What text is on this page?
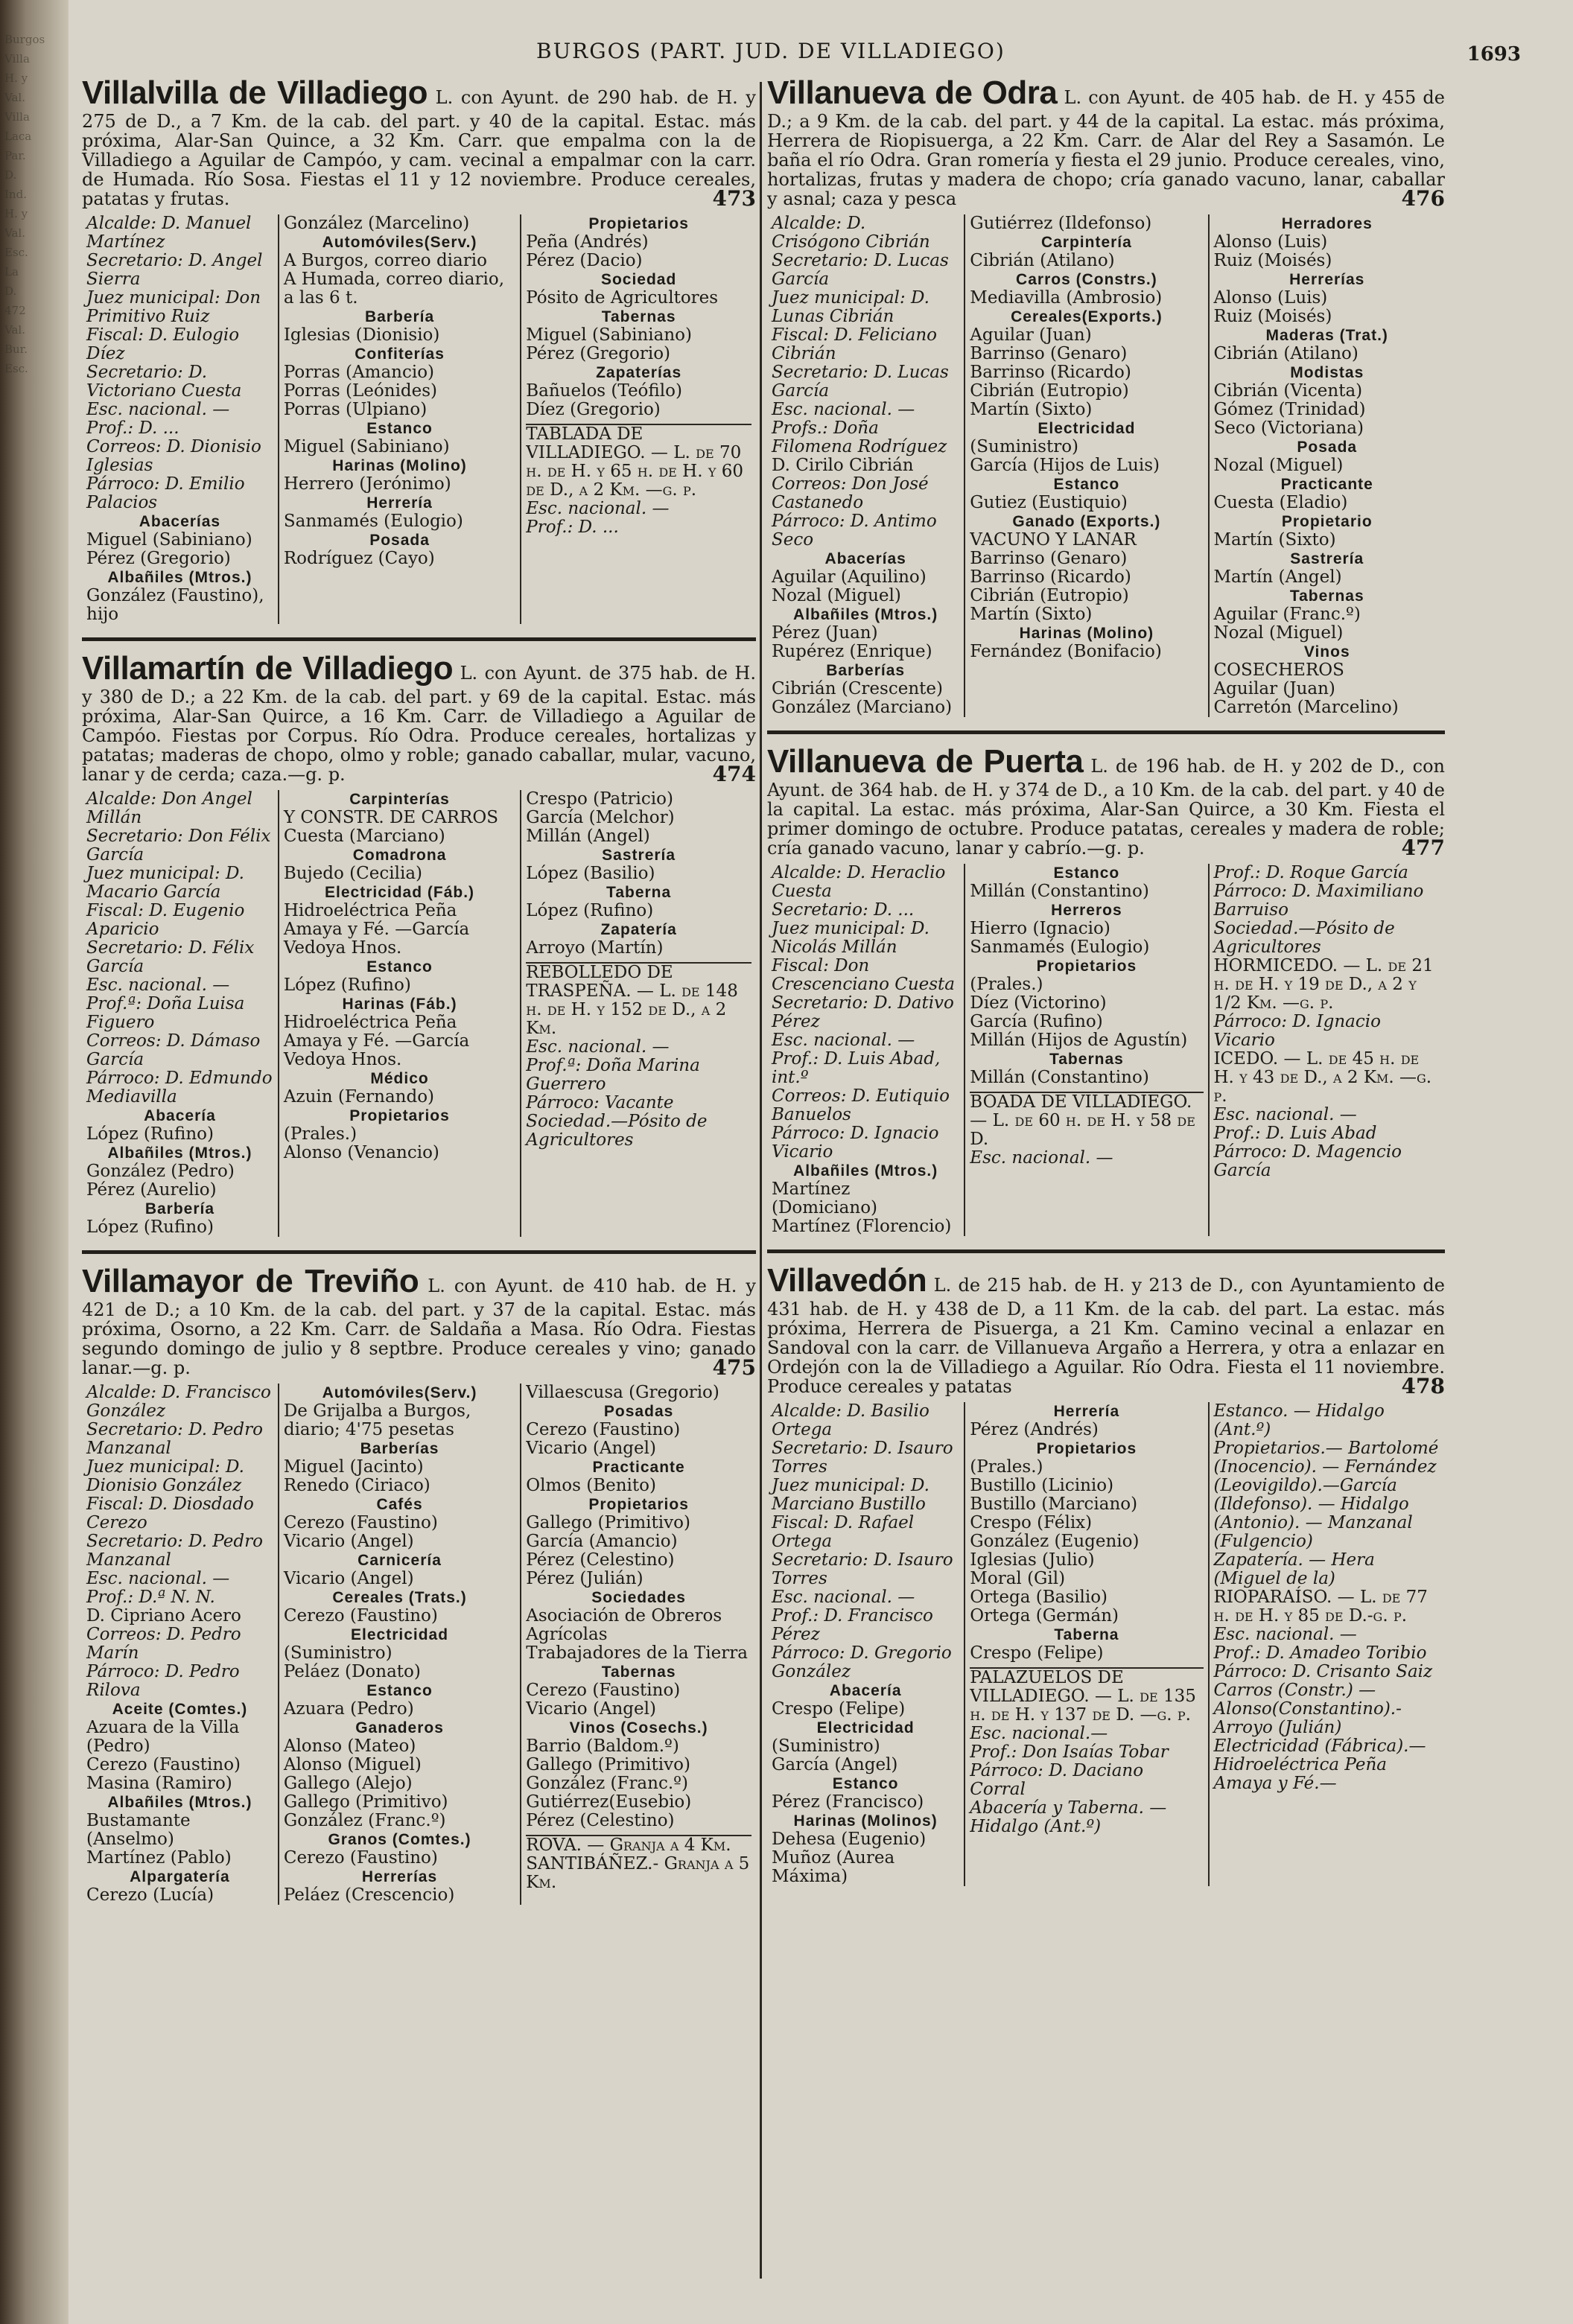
Burgos
Villa
H. y
Val.
Villa
Laca
Par.
D.
Ind.
H. y
Val.
Esc.
La
D.
472
Val.
Bur.
Esc.
BURGOS (PART. JUD. DE VILLADIEGO)	1693
Villalvilla de Villadiego L. con Ayunt. de 290 hab. de H. y 275 de D., a 7 Km. de la cab. del part. y 40 de la capital. Estac. más próxima, Alar-San Quince, a 32 Km. Carr. que empalma con la de Villadiego a Aguilar de Campóo, y cam. vecinal a empalmar con la carr. de Humada. Río Sosa. Fiestas el 11 y 12 noviembre. Produce cereales, patatas y frutas.	473
Alcalde: D. Manuel Martínez
Secretario: D. Angel Sierra
Juez municipal: Don Primitivo Ruiz
Fiscal: D. Eulogio Díez
Secretario: D. Victoriano Cuesta
Esc. nacional. —
Prof.: D. ...
Correos: D. Dionisio Iglesias
Párroco: D. Emilio Palacios
Abacerías
Miguel (Sabiniano)
Pérez (Gregorio)
Albañiles (Mtros.)
González (Faustino), hijo
González (Marcelino)
Automóviles(Serv.)
A Burgos, correo diario
A Humada, correo diario, a las 6 t.
Barbería
Iglesias (Dionisio)
Confiterías
Porras (Amancio)
Porras (Leónides)
Porras (Ulpiano)
Estanco
Miguel (Sabiniano)
Harinas (Molino)
Herrero (Jerónimo)
Herrería
Sanmamés (Eulogio)
Posada
Rodríguez (Cayo)
Propietarios
Peña (Andrés)
Pérez (Dacio)
Sociedad
Pósito de Agricultores
Tabernas
Miguel (Sabiniano)
Pérez (Gregorio)
Zapaterías
Bañuelos (Teófilo)
Díez (Gregorio)
TABLADA DE VILLADIEGO. — L. de 70 h. de H. y 65 h. de H. y 60 de D., a 2 Km. —g. p.
Esc. nacional. —
Prof.: D. ...
Villamartín de Villadiego L. con Ayunt. de 375 hab. de H. y 380 de D.; a 22 Km. de la cab. del part. y 69 de la capital. Estac. más próxima, Alar-San Quirce, a 16 Km. Carr. de Villadiego a Aguilar de Campóo. Fiestas por Corpus. Río Odra. Produce cereales, hortalizas y patatas; maderas de chopo, olmo y roble; ganado caballar, mular, vacuno, lanar y de cerda; caza.—g. p.	474
Alcalde: Don Angel Millán
Secretario: Don Félix García
Juez municipal: D. Macario García
Fiscal: D. Eugenio Aparicio
Secretario: D. Félix García
Esc. nacional. —
Prof.ª: Doña Luisa Figuero
Correos: D. Dámaso García
Párroco: D. Edmundo Mediavilla
Abacería
López (Rufino)
Albañiles (Mtros.)
González (Pedro)
Pérez (Aurelio)
Barbería
López (Rufino)
Carpinterías
Y CONSTR. DE CARROS
Cuesta (Marciano)
Comadrona
Bujedo (Cecilia)
Electricidad (Fáb.)
Hidroeléctrica Peña Amaya y Fé. —García Vedoya Hnos.
Estanco
López (Rufino)
Harinas (Fáb.)
Hidroeléctrica Peña Amaya y Fé. —García Vedoya Hnos.
Médico
Azuin (Fernando)
Propietarios
(Prales.)
Alonso (Venancio)
Crespo (Patricio)
García (Melchor)
Millán (Angel)
Sastrería
López (Basilio)
Taberna
López (Rufino)
Zapatería
Arroyo (Martín)
REBOLLEDO DE TRASPEÑA. — L. de 148 h. de H. y 152 de D., a 2 Km.
Esc. nacional. —
Prof.ª: Doña Marina Guerrero
Párroco: Vacante
Sociedad.—Pósito de Agricultores
Villamayor de Treviño L. con Ayunt. de 410 hab. de H. y 421 de D.; a 10 Km. de la cab. del part. y 37 de la capital. Estac. más próxima, Osorno, a 22 Km. Carr. de Saldaña a Masa. Río Odra. Fiestas segundo domingo de julio y 8 septbre. Produce cereales y vino; ganado lanar.—g. p.	475
Alcalde: D. Francisco González
Secretario: D. Pedro Manzanal
Juez municipal: D. Dionisio González
Fiscal: D. Diosdado Cerezo
Secretario: D. Pedro Manzanal
Esc. nacional. —
Prof.: D.ª N. N.
D. Cipriano Acero
Correos: D. Pedro Marín
Párroco: D. Pedro Rilova
Aceite (Comtes.)
Azuara de la Villa (Pedro)
Cerezo (Faustino)
Masina (Ramiro)
Albañiles (Mtros.)
Bustamante (Anselmo)
Martínez (Pablo)
Alpargatería
Cerezo (Lucía)
Automóviles(Serv.)
De Grijalba a Burgos, diario; 4'75 pesetas
Barberías
Miguel (Jacinto)
Renedo (Ciriaco)
Cafés
Cerezo (Faustino)
Vicario (Angel)
Carnicería
Vicario (Angel)
Cereales (Trats.)
Cerezo (Faustino)
Electricidad
(Suministro)
Peláez (Donato)
Estanco
Azuara (Pedro)
Ganaderos
Alonso (Mateo)
Alonso (Miguel)
Gallego (Alejo)
Gallego (Primitivo)
González (Franc.º)
Granos (Comtes.)
Cerezo (Faustino)
Herrerías
Peláez (Crescencio)
Villaescusa (Gregorio)
Posadas
Cerezo (Faustino)
Vicario (Angel)
Practicante
Olmos (Benito)
Propietarios
Gallego (Primitivo)
García (Amancio)
Pérez (Celestino)
Pérez (Julián)
Sociedades
Asociación de Obreros Agrícolas
Trabajadores de la Tierra
Tabernas
Cerezo (Faustino)
Vicario (Angel)
Vinos (Cosechs.)
Barrio (Baldom.º)
Gallego (Primitivo)
González (Franc.º)
Gutiérrez(Eusebio)
Pérez (Celestino)
ROVA. — Granja a 4 Km.
SANTIBÁÑEZ.- Granja a 5 Km.
Villanueva de Odra L. con Ayunt. de 405 hab. de H. y 455 de D.; a 9 Km. de la cab. del part. y 44 de la capital. La estac. más próxima, Herrera de Riopisuerga, a 22 Km. Carr. de Alar del Rey a Sasamón. Le baña el río Odra. Gran romería y fiesta el 29 junio. Produce cereales, vino, hortalizas, frutas y madera de chopo; cría ganado vacuno, lanar, caballar y asnal; caza y pesca	476
Alcalde: D. Crisógono Cibrián
Secretario: D. Lucas García
Juez municipal: D. Lunas Cibrián
Fiscal: D. Feliciano Cibrián
Secretario: D. Lucas García
Esc. nacional. —
Profs.: Doña Filomena Rodríguez
D. Cirilo Cibrián
Correos: Don José Castanedo
Párroco: D. Antimo Seco
Abacerías
Aguilar (Aquilino)
Nozal (Miguel)
Albañiles (Mtros.)
Pérez (Juan)
Rupérez (Enrique)
Barberías
Cibrián (Crescente)
González (Marciano)
Gutiérrez (Ildefonso)
Carpintería
Cibrián (Atilano)
Carros (Constrs.)
Mediavilla (Ambrosio)
Cereales(Exports.)
Aguilar (Juan)
Barrinso (Genaro)
Barrinso (Ricardo)
Cibrián (Eutropio)
Martín (Sixto)
Electricidad
(Suministro)
García (Hijos de Luis)
Estanco
Gutiez (Eustiquio)
Ganado (Exports.)
VACUNO Y LANAR
Barrinso (Genaro)
Barrinso (Ricardo)
Cibrián (Eutropio)
Martín (Sixto)
Harinas (Molino)
Fernández (Bonifacio)
Herradores
Alonso (Luis)
Ruiz (Moisés)
Herrerías
Alonso (Luis)
Ruiz (Moisés)
Maderas (Trat.)
Cibrián (Atilano)
Modistas
Cibrián (Vicenta)
Gómez (Trinidad)
Seco (Victoriana)
Posada
Nozal (Miguel)
Practicante
Cuesta (Eladio)
Propietario
Martín (Sixto)
Sastrería
Martín (Angel)
Tabernas
Aguilar (Franc.º)
Nozal (Miguel)
Vinos
COSECHEROS
Aguilar (Juan)
Carretón (Marcelino)
Villanueva de Puerta L. de 196 hab. de H. y 202 de D., con Ayunt. de 364 hab. de H. y 374 de D., a 10 Km. de la cab. del part. y 40 de la capital. La estac. más próxima, Alar-San Quirce, a 30 Km. Fiesta el primer domingo de octubre. Produce patatas, cereales y madera de roble; cría ganado vacuno, lanar y cabrío.—g. p.	477
Alcalde: D. Heraclio Cuesta
Secretario: D. ...
Juez municipal: D. Nicolás Millán
Fiscal: Don Crescenciano Cuesta
Secretario: D. Dativo Pérez
Esc. nacional. —
Prof.: D. Luis Abad, int.º
Correos: D. Eutiquio Banuelos
Párroco: D. Ignacio Vicario
Albañiles (Mtros.)
Martínez (Domiciano)
Martínez (Florencio)
Estanco
Millán (Constantino)
Herreros
Hierro (Ignacio)
Sanmamés (Eulogio)
Propietarios
(Prales.)
Díez (Victorino)
García (Rufino)
Millán (Hijos de Agustín)
Tabernas
Millán (Constantino)
BOADA DE VILLADIEGO. — L. de 60 h. de H. y 58 de D.
Esc. nacional. —
Prof.: D. Roque García
Párroco: D. Maximiliano Barruiso
Sociedad.—Pósito de Agricultores
HORMICEDO. — L. de 21 h. de H. y 19 de D., a 2 y 1/2 Km. —g. p.
Párroco: D. Ignacio Vicario
ICEDO. — L. de 45 h. de H. y 43 de D., a 2 Km. —g. p.
Esc. nacional. —
Prof.: D. Luis Abad
Párroco: D. Magencio García
Villavedón L. de 215 hab. de H. y 213 de D., con Ayuntamiento de 431 hab. de H. y 438 de D, a 11 Km. de la cab. del part. La estac. más próxima, Herrera de Pisuerga, a 21 Km. Camino vecinal a enlazar en Sandoval con la carr. de Villanueva Argaño a Herrera, y otra a enlazar en Ordejón con la de Villadiego a Aguilar. Río Odra. Fiesta el 11 noviembre. Produce cereales y patatas	478
Alcalde: D. Basilio Ortega
Secretario: D. Isauro Torres
Juez municipal: D. Marciano Bustillo
Fiscal: D. Rafael Ortega
Secretario: D. Isauro Torres
Esc. nacional. —
Prof.: D. Francisco Pérez
Párroco: D. Gregorio González
Abacería
Crespo (Felipe)
Electricidad
(Suministro)
García (Angel)
Estanco
Pérez (Francisco)
Harinas (Molinos)
Dehesa (Eugenio)
Muñoz (Aurea Máxima)
Herrería
Pérez (Andrés)
Propietarios
(Prales.)
Bustillo (Licinio)
Bustillo (Marciano)
Crespo (Félix)
González (Eugenio)
Iglesias (Julio)
Moral (Gil)
Ortega (Basilio)
Ortega (Germán)
Taberna
Crespo (Felipe)
PALAZUELOS DE VILLADIEGO. — L. de 135 h. de H. y 137 de D. —g. p.
Esc. nacional.—
Prof.: Don Isaías Tobar
Párroco: D. Daciano Corral
Abacería y Taberna. — Hidalgo (Ant.º)
Estanco. — Hidalgo (Ant.º)
Propietarios.— Bartolomé (Inocencio). — Fernández (Leovigildo).—García (Ildefonso). — Hidalgo (Antonio). — Manzanal (Fulgencio)
Zapatería. — Hera (Miguel de la)
RIOPARAÍSO. — L. de 77 h. de H. y 85 de D.-g. p.
Esc. nacional. —
Prof.: D. Amadeo Toribio
Párroco: D. Crisanto Saiz
Carros (Constr.) —Alonso(Constantino).- Arroyo (Julián)
Electricidad (Fábrica).—Hidroeléctrica Peña Amaya y Fé.—
